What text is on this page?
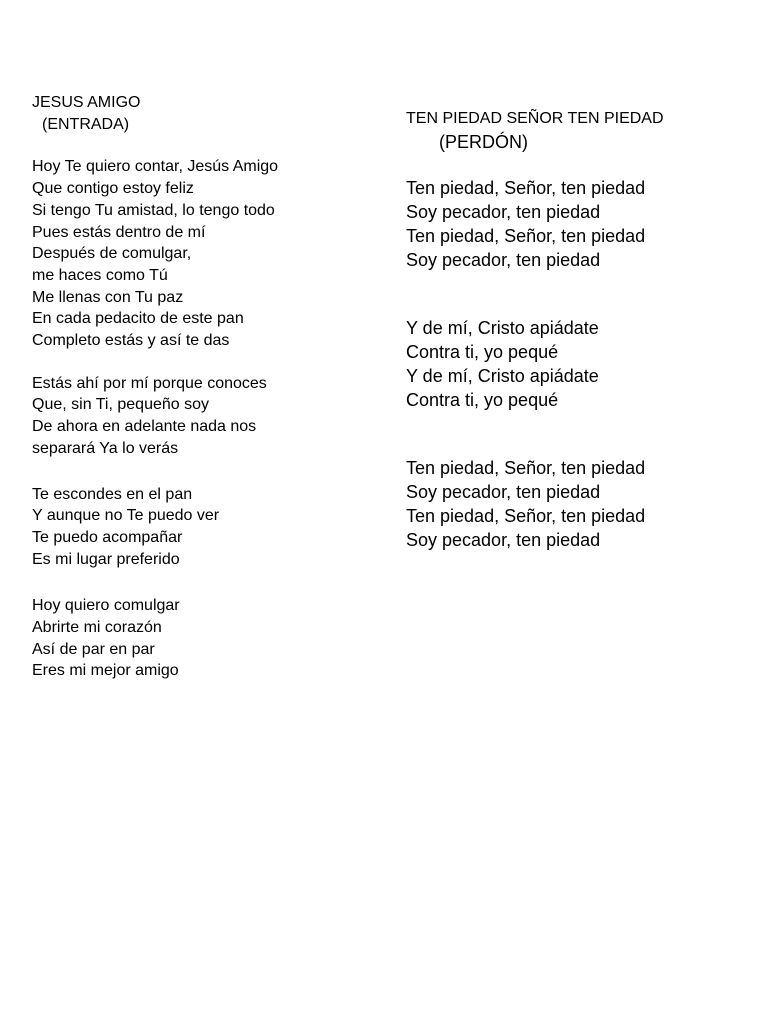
JESUS AMIGO
(ENTRADA)
Hoy Te quiero contar, Jesús Amigo
Que contigo estoy feliz
Si tengo Tu amistad, lo tengo todo
Pues estás dentro de mí
Después de comulgar,
me haces como Tú
Me llenas con Tu paz
En cada pedacito de este pan
Completo estás y así te das
Estás ahí por mí porque conoces
Que, sin Ti, pequeño soy
De ahora en adelante nada nos
separará Ya lo verás
Te escondes en el pan
Y aunque no Te puedo ver
Te puedo acompañar
Es mi lugar preferido
Hoy quiero comulgar
Abrirte mi corazón
Así de par en par
Eres mi mejor amigo
TEN PIEDAD SEÑOR TEN PIEDAD
(PERDÓN)
Ten piedad, Señor, ten piedad
Soy pecador, ten piedad
Ten piedad, Señor, ten piedad
Soy pecador, ten piedad
Y de mí, Cristo apiádate
Contra ti, yo pequé
Y de mí, Cristo apiádate
Contra ti, yo pequé
Ten piedad, Señor, ten piedad
Soy pecador, ten piedad
Ten piedad, Señor, ten piedad
Soy pecador, ten piedad
